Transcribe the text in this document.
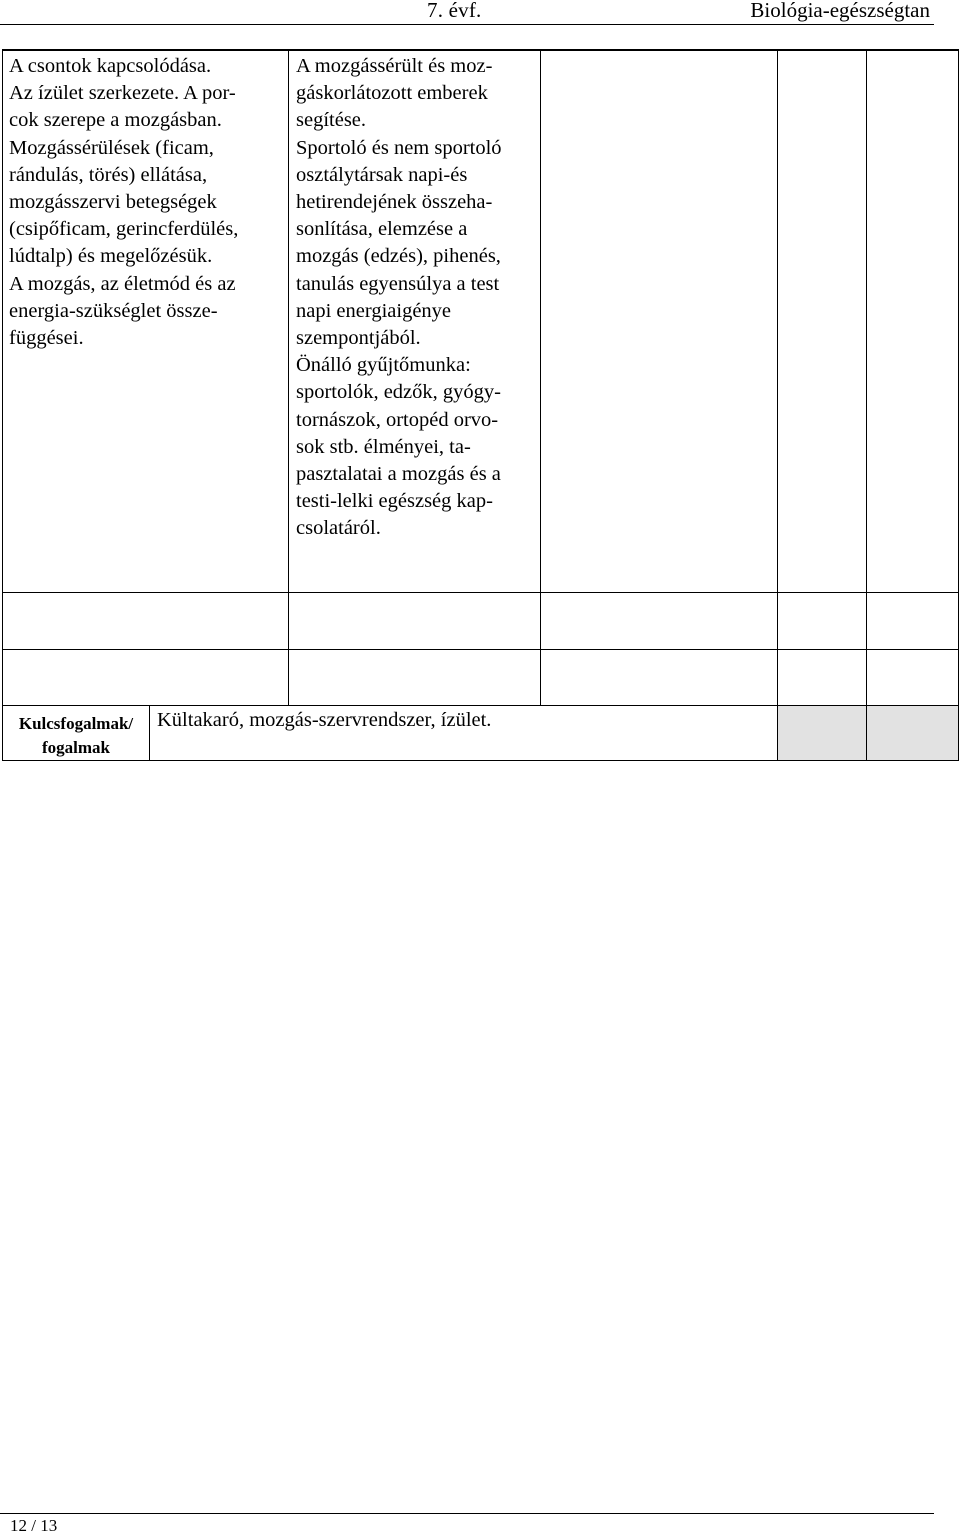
7. évf.	Biológia-egészségtan
A csontok kapcsolódása.
Az ízület szerkezete. A por-
cok szerepe a mozgásban.
Mozgássérülések (ficam,
rándulás, törés) ellátása,
mozgásszervi betegségek
(csipőficam, gerincferdülés,
lúdtalp) és megelőzésük.
A mozgás, az életmód és az
energia-szükséglet össze-
függései.
A mozgássérült és moz-
gáskorlátozott emberek
segítése.
Sportoló és nem sportoló
osztálytársak napi-és
hetirendejének összeha-
sonlítása, elemzése a
mozgás (edzés), pihenés,
tanulás egyensúlya a test
napi energiaigénye
szempontjából.
Önálló gyűjtőmunka:
sportolók, edzők, gyógy-
tornászok, ortopéd orvo-
sok stb. élményei, ta-
pasztalatai a mozgás és a
testi-lelki egészség kap-
csolatáról.
Kulcsfogalmak/
fogalmak
Kültakaró, mozgás-szervrendszer, ízület.
12 / 13
